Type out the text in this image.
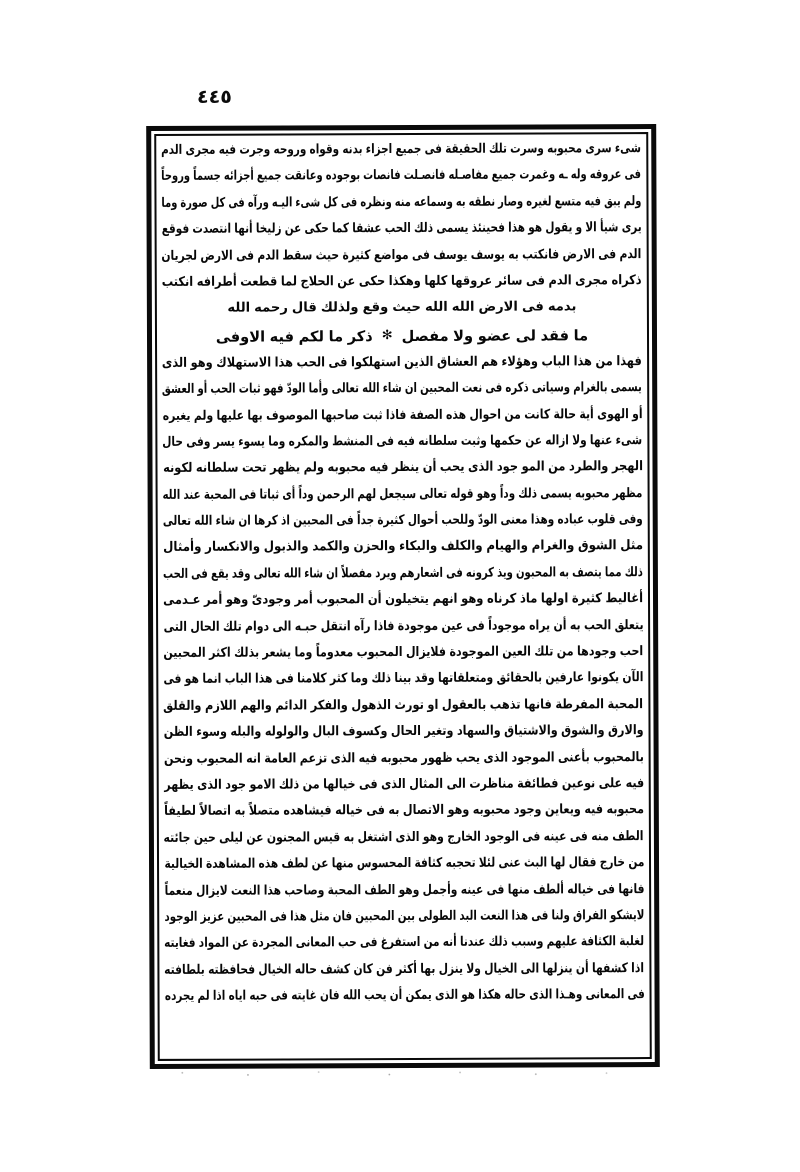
٤٤٥
شىء سرى محبوبه وسرت تلك الحقيقة فى جميع اجزاء بدنه وقواه وروحه وجرت فيه مجرى الدم
فى عروقه وله ـه وغمرت جميع مفاصـله فانصـلت فانصات بوجوده وعانقت جميع أجزائه جسماً وروحاً
ولم يبق فيه متسع لغيره وصار نطقه به وسماعه منه ونظره فى كل شىء اليـه ورآه فى كل صورة وما
يرى شيأ الا و يقول هو هذا فحينئذ يسمى ذلك الحب عشقا كما حكى عن زليخا أنها انتصدت فوقع
الدم فى الارض فانكتب به يوسف يوسف فى مواضع كثيرة حيث سقط الدم فى الارض لجريان
ذكراه مجرى الدم فى سائر عروقها كلها وهكذا حكى عن الحلاج لما قطعت أطرافه انكتب
بدمه فى الارض الله الله حيث وقع ولذلك قال رحمه الله
ما فقد لى عضو ولا مفصل✻ذكر ما لكم فيه الاوفى
فهذا من هذا الباب وهؤلاء هم العشاق الذين استهلكوا فى الحب هذا الاستهلاك وهو الذى
يسمى بالغرام وسياتى ذكره فى نعت المحبين ان شاء الله تعالى وأما الودّ فهو ثبات الحب أو العشق
أو الهوى أية حالة كانت من احوال هذه الصفة فاذا ثبت صاحبها الموصوف بها عليها ولم يغيره
شىء عنها ولا ازاله عن حكمها وثبت سلطانه فيه فى المنشط والمكره وما يسوء يسر وفى حال
الهجر والطرد من المو جود الذى يحب أن ينظر فيه محبوبه ولم يظهر تحت سلطانه لكونه
مظهر محبوبه يسمى ذلك وداً وهو قوله تعالى سيجعل لهم الرحمن وداً أى ثباتا فى المحبة عند الله
وفى قلوب عباده وهذا معنى الودّ وللحب أحوال كثيرة جداً فى المحبين اذ كرها ان شاء الله تعالى
مثل الشوق والغرام والهيام والكلف والبكاء والحزن والكمد والذبول والانكسار وأمثال
ذلك مما يتصف به المحبون ويذ كرونه فى اشعارهم ويرد مفصلاً ان شاء الله تعالى وقد يقع فى الحب
أغاليط كثيرة اولها ماذ كرناه وهو انهم يتخيلون أن المحبوب أمر وجودىّ وهو أمر عـدمى
يتعلق الحب به أن يراه موجوداً فى عين موجودة فاذا رآه انتقل حبـه الى دوام تلك الحال التى
احب وجودها من تلك العين الموجودة فلايزال المحبوب معدوماً وما يشعر بذلك اكثر المحبين
الآن يكونوا عارفين بالحقائق ومتعلقاتها وقد بينا ذلك وما كثر كلامنا فى هذا الباب انما هو فى
المحبة المفرطة فانها تذهب بالعقول او تورث الذهول والفكر الدائم والهم اللازم والقلق
والارق والشوق والاشتياق والسهاد وتغير الحال وكسوف البال والولوله والبله وسوء الظن
بالمحبوب بأعنى الموجود الذى يحب ظهور محبوبه فيه الذى تزعم العامة انه المحبوب ونحن
فيه على نوعين فطائفة مناظرت الى المثال الذى فى خيالها من ذلك الامو جود الذى يظهر
محبوبه فيه ويعاين وجود محبوبه وهو الاتصال به فى خياله فيشاهده متصلاً به اتصالاً لطيفاً
الطف منه فى عينه فى الوجود الخارج وهو الذى اشتغل به قيس المجنون عن ليلى حين جائته
من خارج فقال لها البث عنى لئلا تحجبه كثافة المحسوس منها عن لطف هذه المشاهدة الخيالية
فانها فى خياله ألطف منها فى عينه وأجمل وهو الطف المحبة وصاحب هذا النعت لايزال منعماً
لايشكو الفراق ولنا فى هذا النعت البد الطولى بين المحبين فان مثل هذا فى المحبين عزيز الوجود
لغلبة الكثافة عليهم وسبب ذلك عندنا أنه من استفرغ فى حب المعانى المجردة عن المواد فغايته
اذا كشفها أن ينزلها الى الخيال ولا ينزل بها أكثر فن كان كشف حاله الخيال فحافظته بلطافته
فى المعانى وهـذا الذى حاله هكذا هو الذى يمكن أن يحب الله فان غايته فى حبه اياه اذا لم يجرده
